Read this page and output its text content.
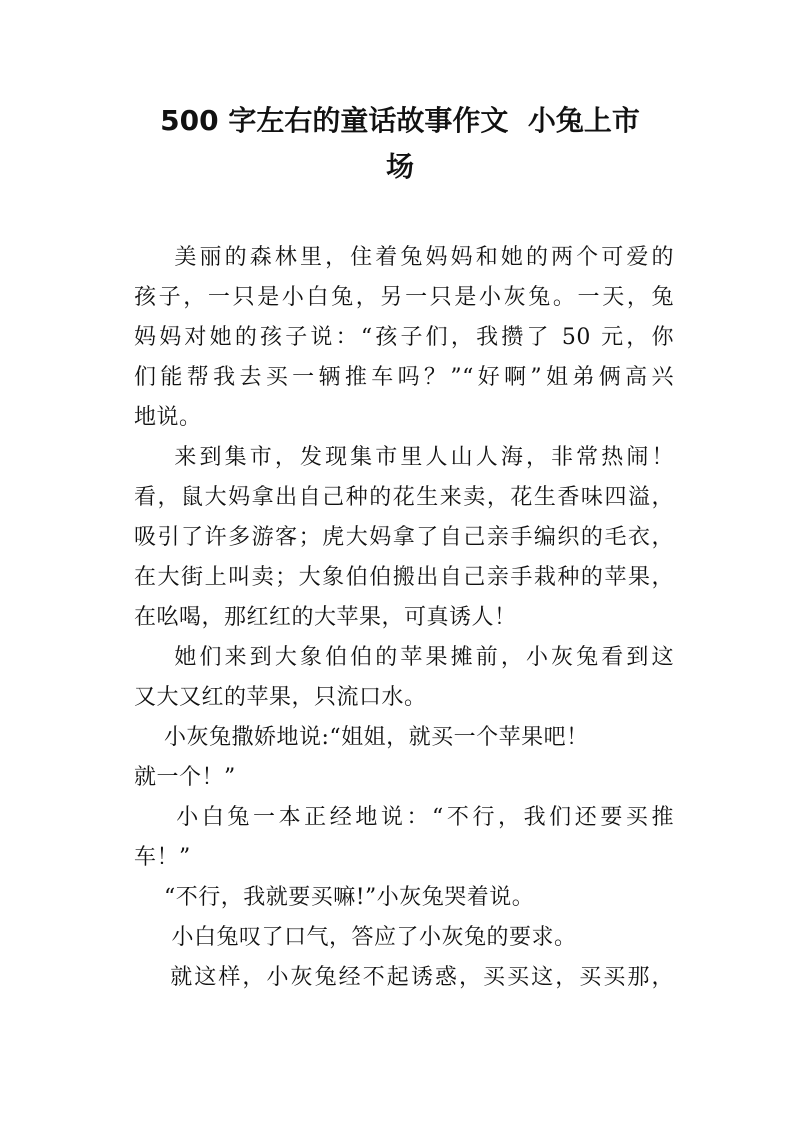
500 字左右的童话故事作文  小兔上市
场
美丽的森林里，住着兔妈妈和她的两个可爱的
孩子，一只是小白兔，另一只是小灰兔。一天，兔
妈妈对她的孩子说：“孩子们，我攒了 50 元，你
们能帮我去买一辆推车吗？”“好啊”姐弟俩高兴
地说。
来到集市，发现集市里人山人海，非常热闹！
看，鼠大妈拿出自己种的花生来卖，花生香味四溢，
吸引了许多游客；虎大妈拿了自己亲手编织的毛衣，
在大街上叫卖；大象伯伯搬出自己亲手栽种的苹果，
在吆喝，那红红的大苹果，可真诱人！
她们来到大象伯伯的苹果摊前，小灰兔看到这
又大又红的苹果，只流口水。
小灰兔撒娇地说:“姐姐，就买一个苹果吧！
就一个！”
小白兔一本正经地说：“不行，我们还要买推
车！”
“不行，我就要买嘛!”小灰兔哭着说。
小白兔叹了口气，答应了小灰兔的要求。
就这样，小灰兔经不起诱惑，买买这，买买那，
